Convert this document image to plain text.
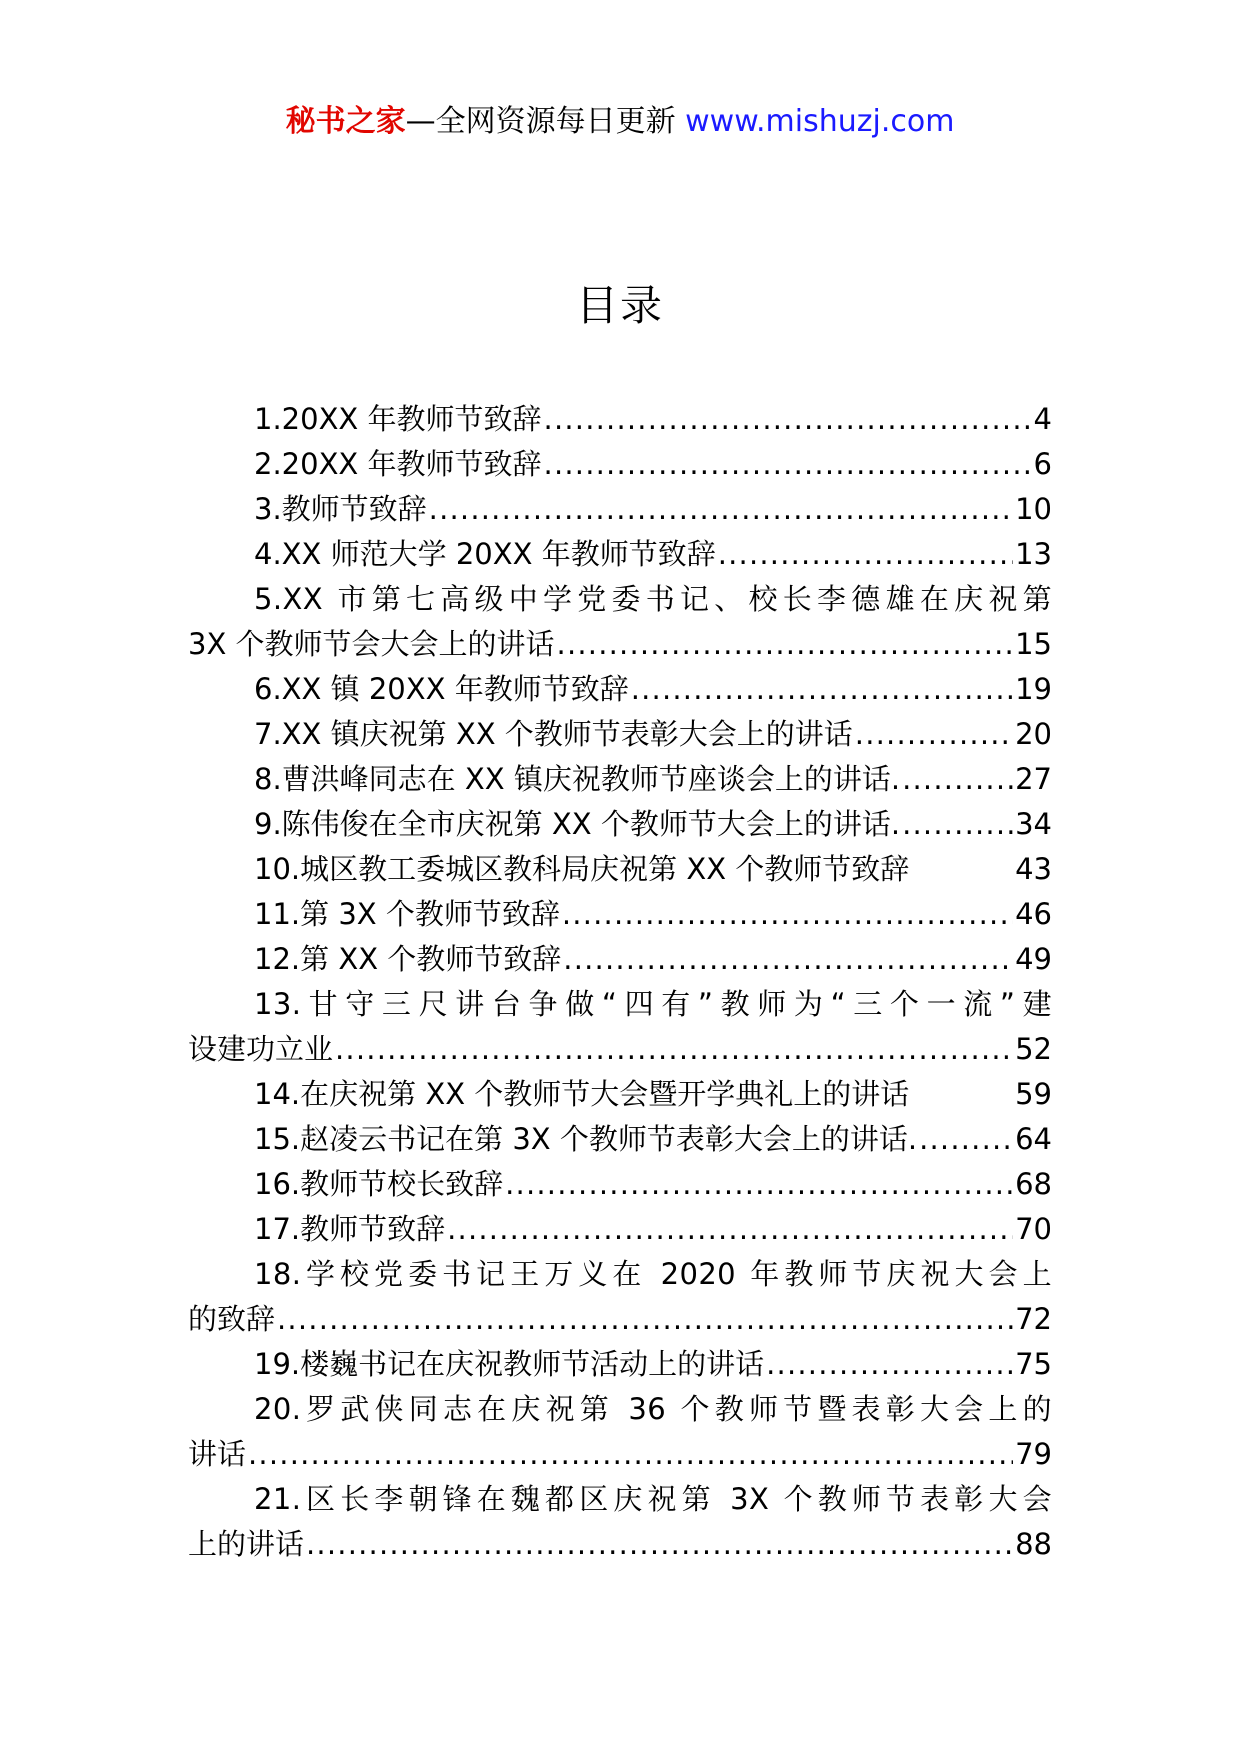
秘书之家—全网资源每日更新 www.mishuzj.com
目录
1.20XX 年教师节致辞 .....	4
2.20XX 年教师节致辞 .....	6
3.教师节致辞 .....	10
4.XX 师范大学 20XX 年教师节致辞 .....	13
5.XX 市第七高级中学党委书记、校长李德雄在庆祝第
3X 个教师节会大会上的讲话 .....	15
6.XX 镇 20XX 年教师节致辞 .....	19
7.XX 镇庆祝第 XX 个教师节表彰大会上的讲话 .....	20
8.曹洪峰同志在 XX 镇庆祝教师节座谈会上的讲话. .....	27
9.陈伟俊在全市庆祝第 XX 个教师节大会上的讲话. .....	34
10.城区教工委城区教科局庆祝第 XX 个教师节致辞	43
11.第 3X 个教师节致辞 .....	46
12.第 XX 个教师节致辞 .....	49
13.甘守三尺讲台争做“四有”教师为“三个一流”建
设建功立业 .....	52
14.在庆祝第 XX 个教师节大会暨开学典礼上的讲话	59
15.赵凌云书记在第 3X 个教师节表彰大会上的讲话. .....	64
16.教师节校长致辞 .....	68
17.教师节致辞 .....	70
18.学校党委书记王万义在 2020 年教师节庆祝大会上
的致辞 .....	72
19.楼巍书记在庆祝教师节活动上的讲话 .....	75
20.罗武侠同志在庆祝第 36 个教师节暨表彰大会上的
讲话 .....	79
21.区长李朝锋在魏都区庆祝第 3X 个教师节表彰大会
上的讲话 .....	88
